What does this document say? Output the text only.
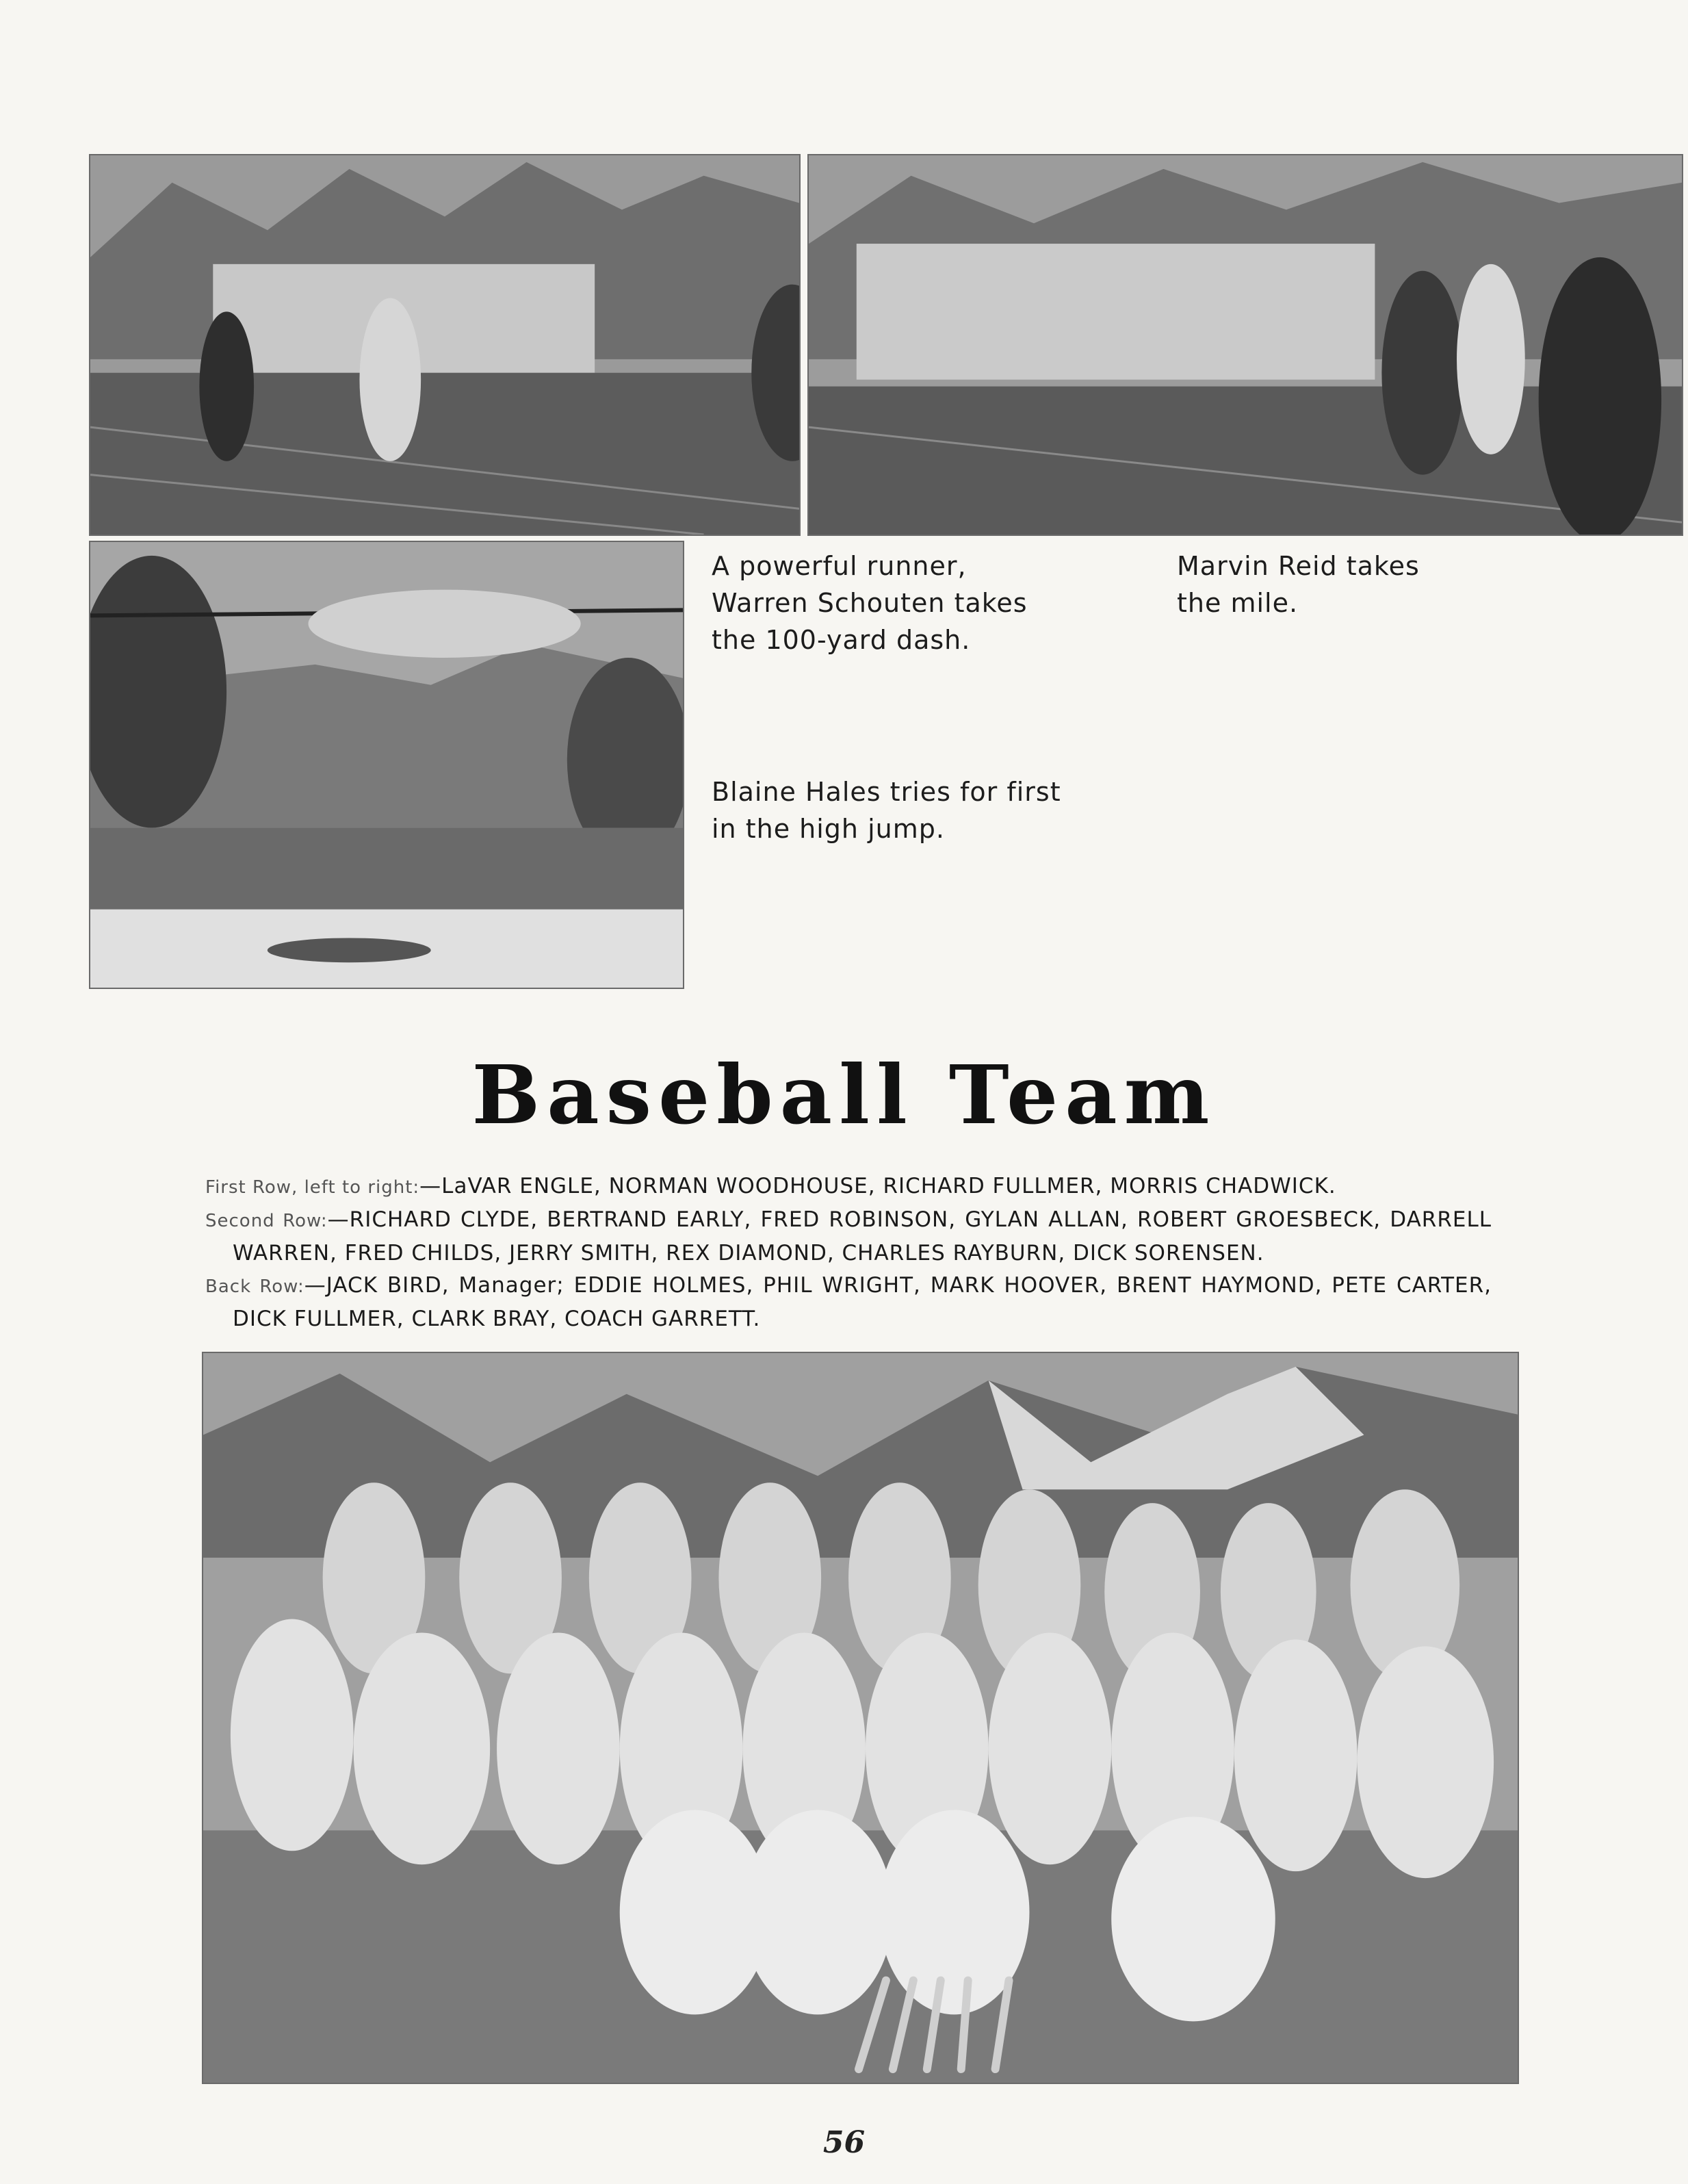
A powerful runner, Warren Schouten takes the 100-yard dash.

Marvin Reid takes the mile.

Blaine Hales tries for first in the high jump.

Baseball Team

First Row, left to right:—LaVAR ENGLE, NORMAN WOODHOUSE, RICHARD FULLMER, MORRIS CHADWICK.

Second Row:—RICHARD CLYDE, BERTRAND EARLY, FRED ROBINSON, GYLAN ALLAN, ROBERT GROESBECK, DARRELL WARREN, FRED CHILDS, JERRY SMITH, REX DIAMOND, CHARLES RAYBURN, DICK SORENSEN.

Back Row:—JACK BIRD, Manager; EDDIE HOLMES, PHIL WRIGHT, MARK HOOVER, BRENT HAYMOND, PETE CARTER, DICK FULLMER, CLARK BRAY, COACH GARRETT.

56
